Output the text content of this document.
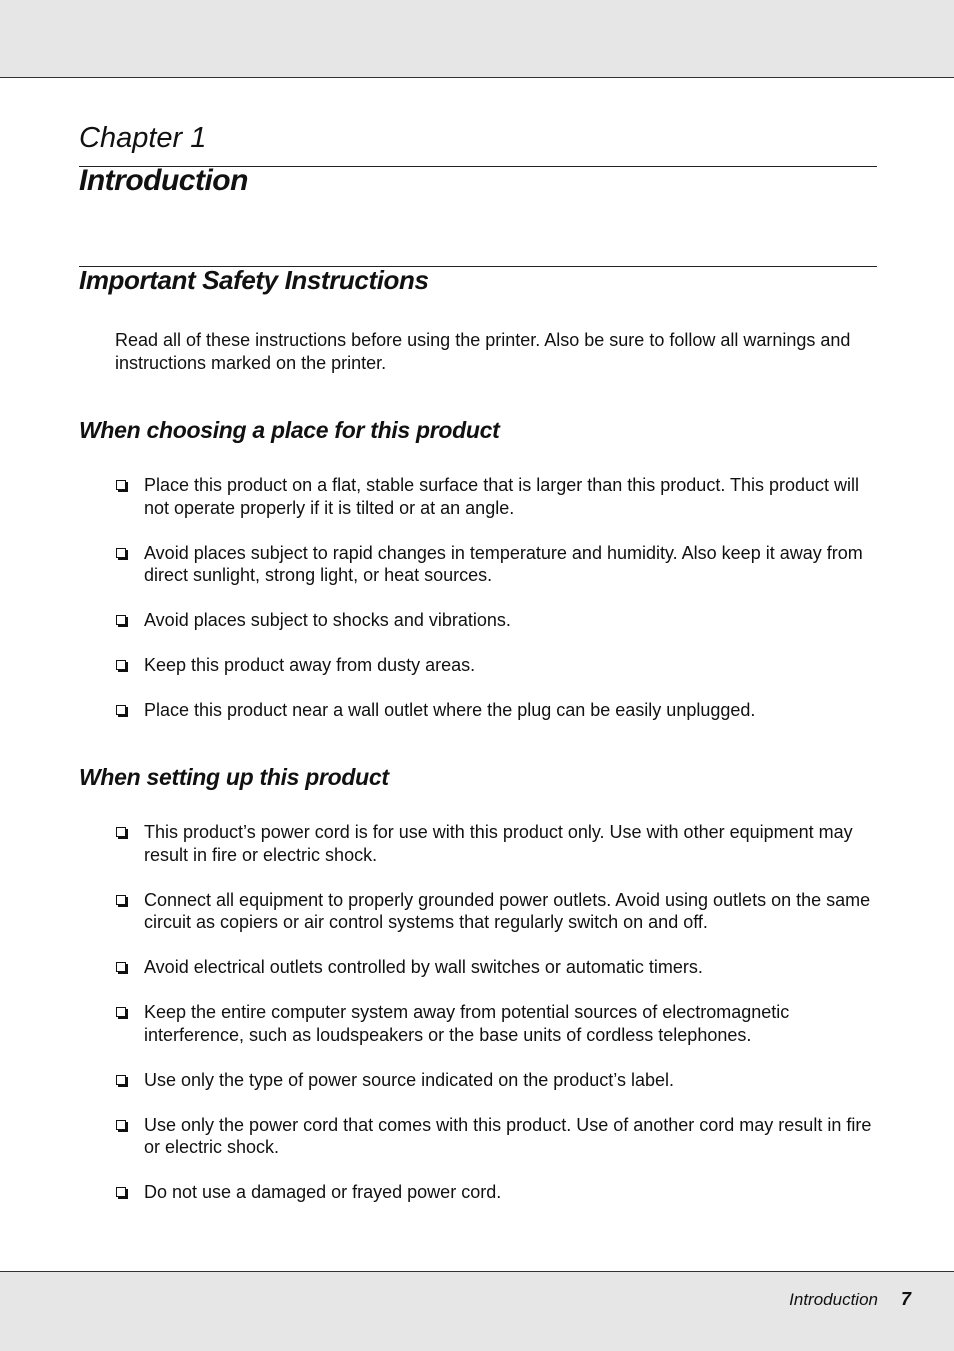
Chapter 1
Introduction
Important Safety Instructions

Read all of these instructions before using the printer. Also be sure to follow all warnings and instructions marked on the printer.

When choosing a place for this product
Place this product on a flat, stable surface that is larger than this product. This product will not operate properly if it is tilted or at an angle.
Avoid places subject to rapid changes in temperature and humidity. Also keep it away from direct sunlight, strong light, or heat sources.
Avoid places subject to shocks and vibrations.
Keep this product away from dusty areas.
Place this product near a wall outlet where the plug can be easily unplugged.
When setting up this product
This product’s power cord is for use with this product only. Use with other equipment may result in fire or electric shock.
Connect all equipment to properly grounded power outlets. Avoid using outlets on the same circuit as copiers or air control systems that regularly switch on and off.
Avoid electrical outlets controlled by wall switches or automatic timers.
Keep the entire computer system away from potential sources of electromagnetic interference, such as loudspeakers or the base units of cordless telephones.
Use only the type of power source indicated on the product’s label.
Use only the power cord that comes with this product. Use of another cord may result in fire or electric shock.
Do not use a damaged or frayed power cord.
Introduction 7
